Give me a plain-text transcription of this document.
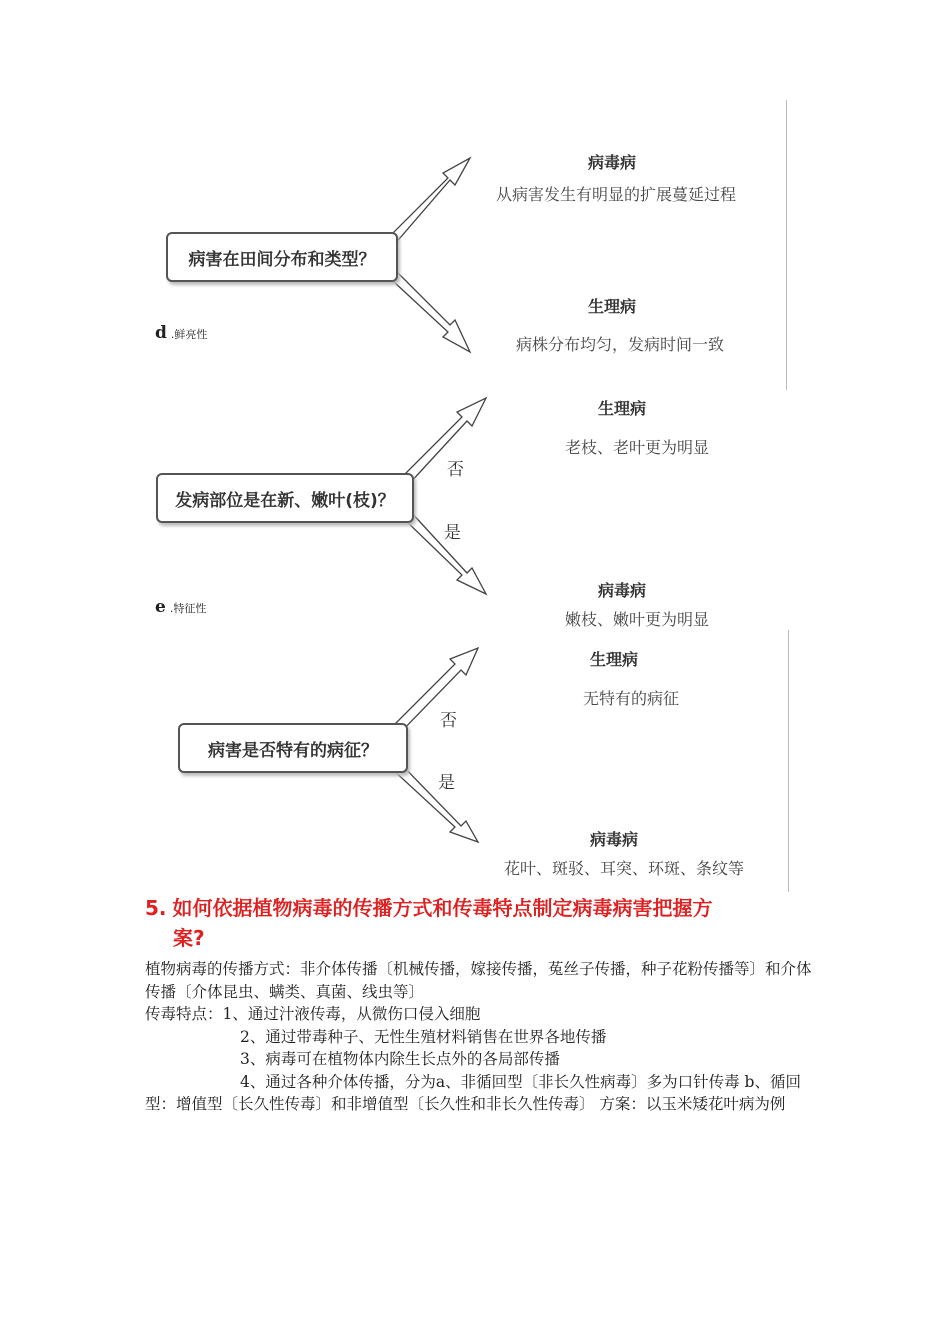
病害在田间分布和类型？
病毒病
从病害发生有明显的扩展蔓延过程
生理病
病株分布均匀，发病时间一致
d .鲜亮性
发病部位是在新、嫩叶(枝)？
否
是
生理病
老枝、老叶更为明显
病毒病
嫩枝、嫩叶更为明显
e .特征性
病害是否特有的病征？
否
是
生理病
无特有的病征
病毒病
花叶、斑驳、耳突、环斑、条纹等
5. 如何依据植物病毒的传播方式和传毒特点制定病毒病害把握方
案?

植物病毒的传播方式：非介体传播〔机械传播，嫁接传播，菟丝子传播，种子花粉传播等〕和介体传播〔介体昆虫、螨类、真菌、线虫等〕

传毒特点：1、通过汁液传毒，从微伤口侵入细胞

2、通过带毒种子、无性生殖材料销售在世界各地传播

3、病毒可在植物体内除生长点外的各局部传播

4、通过各种介体传播，分为a、非循回型〔非长久性病毒〕多为口针传毒 b、循回型：增值型〔长久性传毒〕和非增值型〔长久性和非长久性传毒〕 方案：以玉米矮花叶病为例
